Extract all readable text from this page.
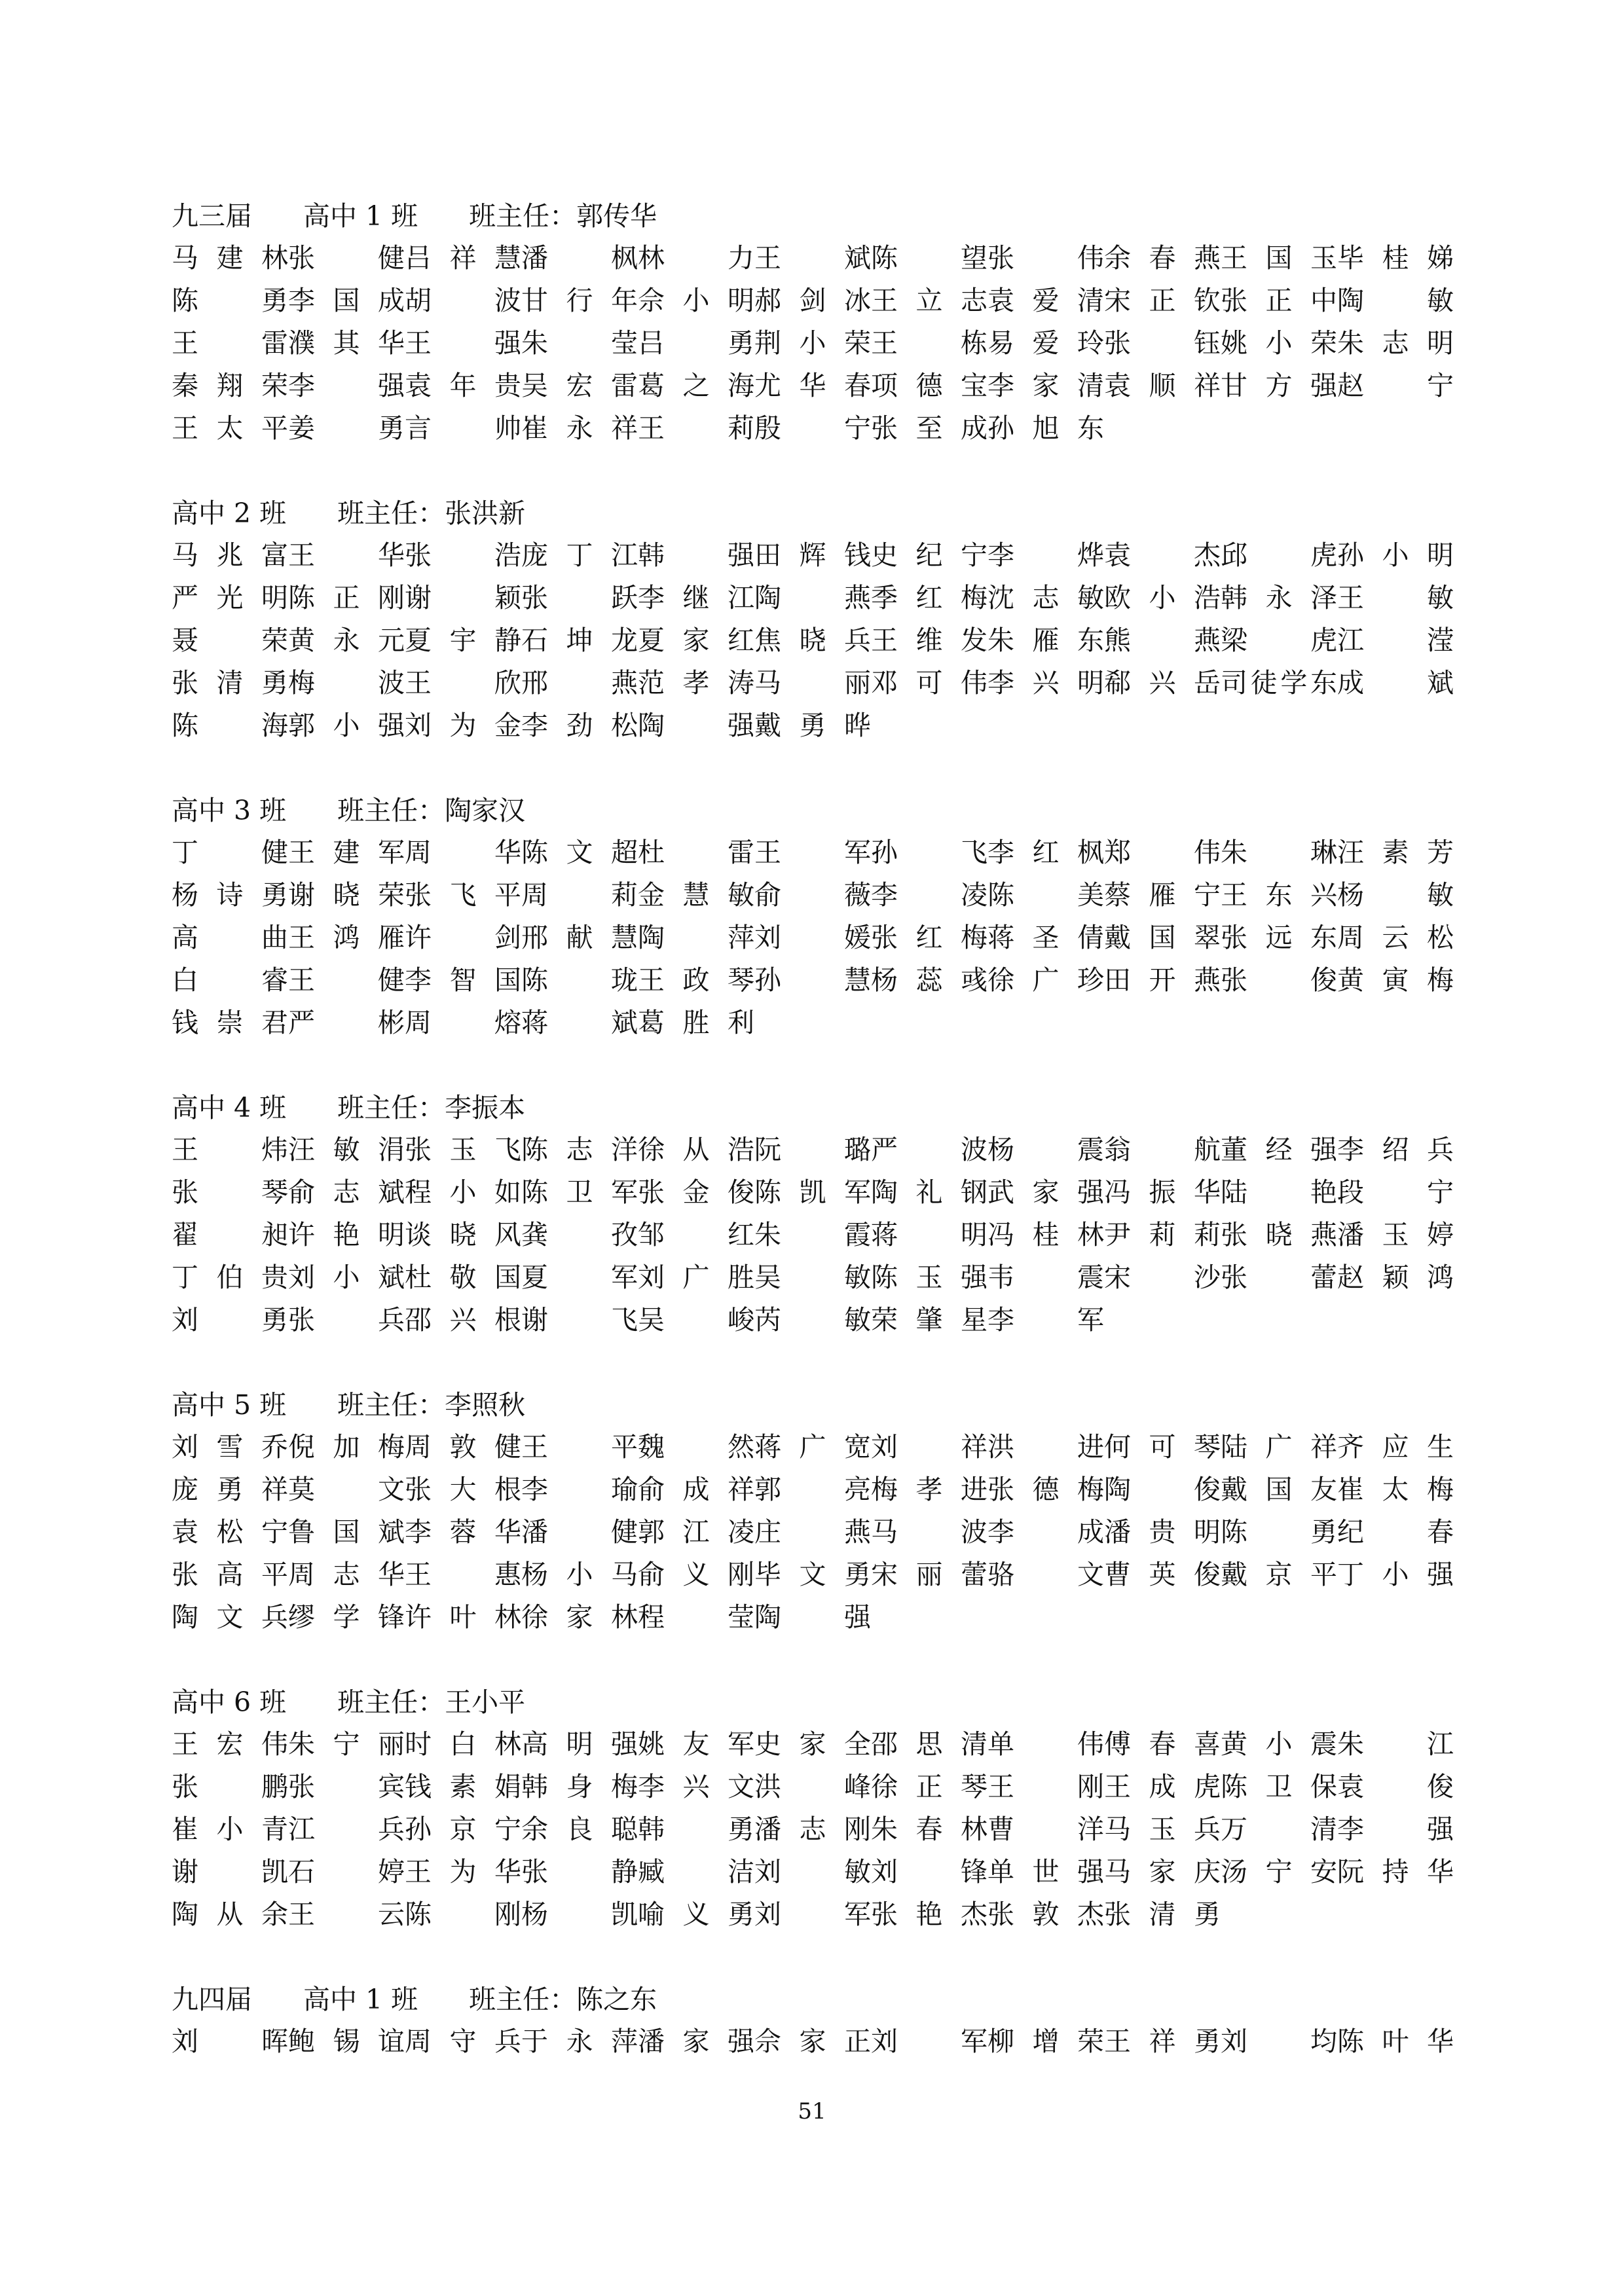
九三届 高中 1 班 班主任：郭传华
马建林张　健吕祥慧潘　枫林　力王　斌陈　望张　伟余春燕王国玉毕桂娣
陈　勇李国成胡　波甘行年佘小明郝剑冰王立志袁爱清宋正钦张正中陶　敏
王　雷濮其华王　强朱　莹吕　勇荆小荣王　栋易爱玲张　钰姚小荣朱志明
秦翔荣李　强袁年贵吴宏雷葛之海尤华春项德宝李家清袁顺祥甘方强赵　宁
王太平姜　勇言　帅崔永祥王　莉殷　宁张至成孙旭东
高中 2 班 班主任：张洪新
马兆富王　华张　浩庞丁江韩　强田辉钱史纪宁李　烨袁　杰邱　虎孙小明
严光明陈正刚谢　颖张　跃李继江陶　燕季红梅沈志敏欧小浩韩永泽王　敏
聂　荣黄永元夏宇静石坤龙夏家红焦晓兵王维发朱雁东熊　燕梁　虎江　滢
张清勇梅　波王　欣邢　燕范孝涛马　丽邓可伟李兴明郗兴岳司徒学东成　斌
陈　海郭小强刘为金李劲松陶　强戴勇晔
高中 3 班 班主任：陶家汉
丁　健王建军周　华陈文超杜　雷王　军孙　飞李红枫郑　伟朱　琳汪素芳
杨诗勇谢晓荣张飞平周　莉金慧敏俞　薇李　凌陈　美蔡雁宁王东兴杨　敏
高　曲王鸿雁许　剑邢献慧陶　萍刘　媛张红梅蒋圣倩戴国翠张远东周云松
白　睿王　健李智国陈　珑王政琴孙　慧杨蕊彧徐广珍田开燕张　俊黄寅梅
钱崇君严　彬周　熔蒋　斌葛胜利
高中 4 班 班主任：李振本
王　炜汪敏涓张玉飞陈志洋徐从浩阮　璐严　波杨　震翁　航董经强李绍兵
张　琴俞志斌程小如陈卫军张金俊陈凯军陶礼钢武家强冯振华陆　艳段　宁
翟　昶许艳明谈晓风龚　孜邹　红朱　霞蒋　明冯桂林尹莉莉张晓燕潘玉婷
丁伯贵刘小斌杜敬国夏　军刘广胜吴　敏陈玉强韦　震宋　沙张　蕾赵颖鸿
刘　勇张　兵邵兴根谢　飞吴　峻芮　敏荣肇星李　军
高中 5 班 班主任：李照秋
刘雪乔倪加梅周敦健王　平魏　然蒋广宽刘　祥洪　进何可琴陆广祥齐应生
庞勇祥莫　文张大根李　瑜俞成祥郭　亮梅孝进张德梅陶　俊戴国友崔太梅
袁松宁鲁国斌李蓉华潘　健郭江凌庄　燕马　波李　成潘贵明陈　勇纪　春
张高平周志华王　惠杨小马俞义刚毕文勇宋丽蕾骆　文曹英俊戴京平丁小强
陶文兵缪学锋许叶林徐家林程　莹陶　强
高中 6 班 班主任：王小平
王宏伟朱宁丽时白林高明强姚友军史家全邵思清单　伟傅春喜黄小震朱　江
张　鹏张　宾钱素娟韩身梅李兴文洪　峰徐正琴王　刚王成虎陈卫保袁　俊
崔小青江　兵孙京宁余良聪韩　勇潘志刚朱春林曹　洋马玉兵万　清李　强
谢　凯石　婷王为华张　静臧　洁刘　敏刘　锋单世强马家庆汤宁安阮持华
陶从余王　云陈　刚杨　凯喻义勇刘　军张艳杰张敦杰张清勇
九四届 高中 1 班 班主任：陈之东
刘　晖鲍锡谊周守兵于永萍潘家强佘家正刘　军柳增荣王祥勇刘　均陈叶华
51
